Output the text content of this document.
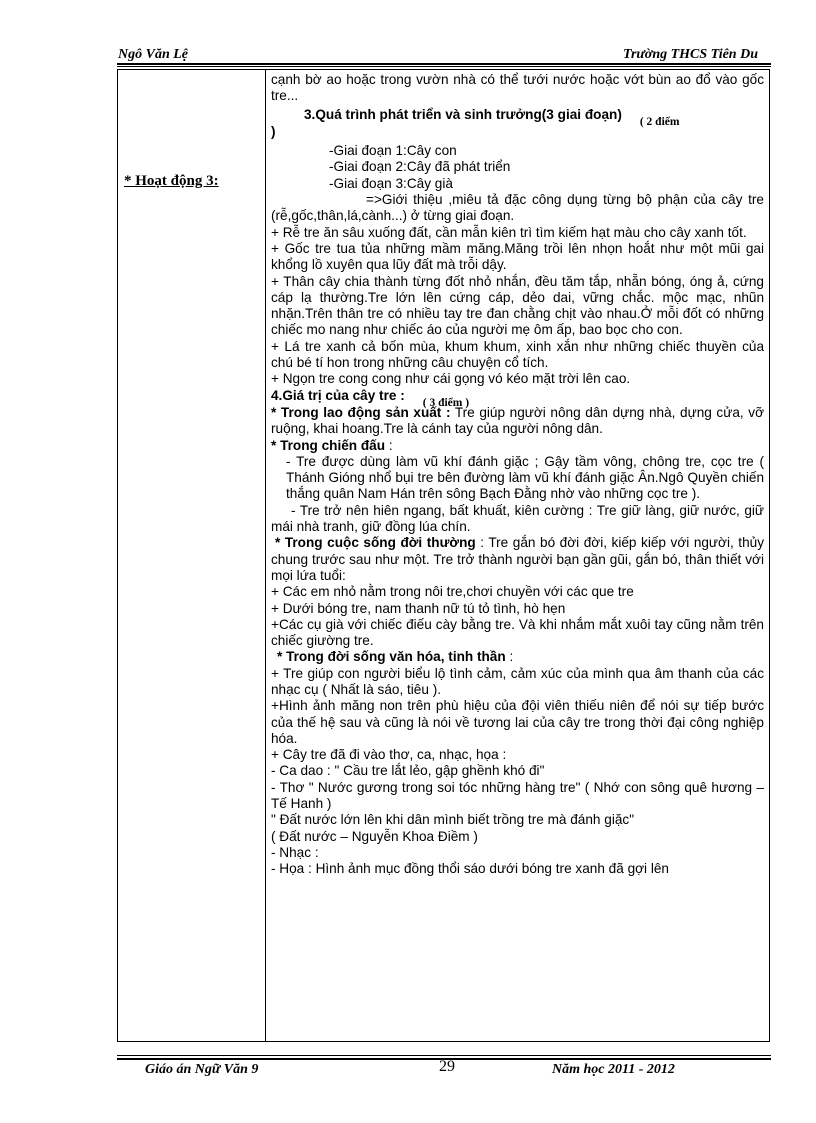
Ngô Văn Lệ	Trường THCS Tiên Du
* Hoạt động 3:

cạnh bờ ao hoặc trong vườn nhà có thể tưới nước hoặc vớt bùn ao đổ vào gốc tre...

3.Quá trình phát triển và sinh trưởng(3 giai đoạn) ( 2 điểm

)

-Giai đoạn 1:Cây con

-Giai đoạn 2:Cây đã phát triển

-Giai đoạn 3:Cây già

=>Giới thiệu ,miêu tả đặc công dụng từng bộ phận của cây tre (rễ,gốc,thân,lá,cành...) ở từng giai đoạn.

+ Rễ tre ăn sâu xuống đất, cần mẫn kiên trì tìm kiếm hạt màu cho cây xanh tốt.

+ Gốc tre tua tủa những mầm măng.Măng trồi lên nhọn hoắt như một mũi gai khổng lồ xuyên qua lũy đất mà trỗi dậy.

+ Thân cây chia thành từng đốt nhỏ nhắn, đều tăm tắp, nhẵn bóng, óng ả, cứng cáp lạ thường.Tre lớn lên cứng cáp, dẻo dai, vững chắc. mộc mạc, nhũn nhặn.Trên thân tre có nhiều tay tre đan chằng chịt vào nhau.Ở mỗi đốt có những chiếc mo nang như chiếc áo của người mẹ ôm ấp, bao bọc cho con.

+ Lá tre xanh cả bốn mùa, khum khum, xinh xắn như những chiếc thuyền của chú bé tí hon trong những câu chuyện cổ tích.

+ Ngọn tre cong cong như cái gọng vó kéo mặt trời lên cao.

4.Giá trị của cây tre : ( 3 điểm )

* Trong lao động sản xuất : Tre giúp người nông dân dựng nhà, dựng cửa, vỡ ruộng, khai hoang.Tre là cánh tay của người nông dân.

* Trong chiến đấu :

- Tre được dùng làm vũ khí đánh giặc ; Gậy tầm vông, chông tre, cọc tre ( Thánh Gióng nhổ bụi tre bên đường làm vũ khí đánh giặc Ân.Ngô Quyền chiến thắng quân Nam Hán trên sông Bạch Đằng nhờ vào những cọc tre ).

- Tre trở nên hiên ngang, bất khuất, kiên cường : Tre giữ làng, giữ nước, giữ mái nhà tranh, giữ đồng lúa chín.

* Trong cuộc sống đời thường : Tre gắn bó đời đời, kiếp kiếp với người, thủy chung trước sau như một. Tre trở thành người bạn gần gũi, gắn bó, thân thiết với mọi lứa tuổi:

+ Các em nhỏ nằm trong nôi tre,chơi chuyền với các que tre

+ Dưới bóng tre, nam thanh nữ tú tỏ tình, hò hẹn

+Các cụ già với chiếc điếu cày bằng tre. Và khi nhắm mắt xuôi tay cũng nằm trên chiếc giường tre.

* Trong đời sống văn hóa, tinh thần :

+ Tre giúp con người biểu lộ tình cảm, cảm xúc của mình qua âm thanh của các nhạc cụ ( Nhất là sáo, tiêu ).

+Hình ảnh măng non trên phù hiệu của đội viên thiếu niên để nói sự tiếp bước của thế hệ sau và cũng là nói về tương lai của cây tre trong thời đại công nghiệp hóa.

+ Cây tre đã đi vào thơ, ca, nhạc, họa :

- Ca dao : " Cầu tre lắt lẻo, gập ghềnh khó đi"

- Thơ " Nước gương trong soi tóc những hàng tre" ( Nhớ con sông quê hương – Tế Hanh )

" Đất nước lớn lên khi dân mình biết trồng tre mà đánh giặc"

( Đất nước – Nguyễn Khoa Điềm )

- Nhạc :

- Họa : Hình ảnh mục đồng thổi sáo dưới bóng tre xanh đã gợi lên

Giáo án Ngữ Văn 9	29	Năm học 2011 - 2012
